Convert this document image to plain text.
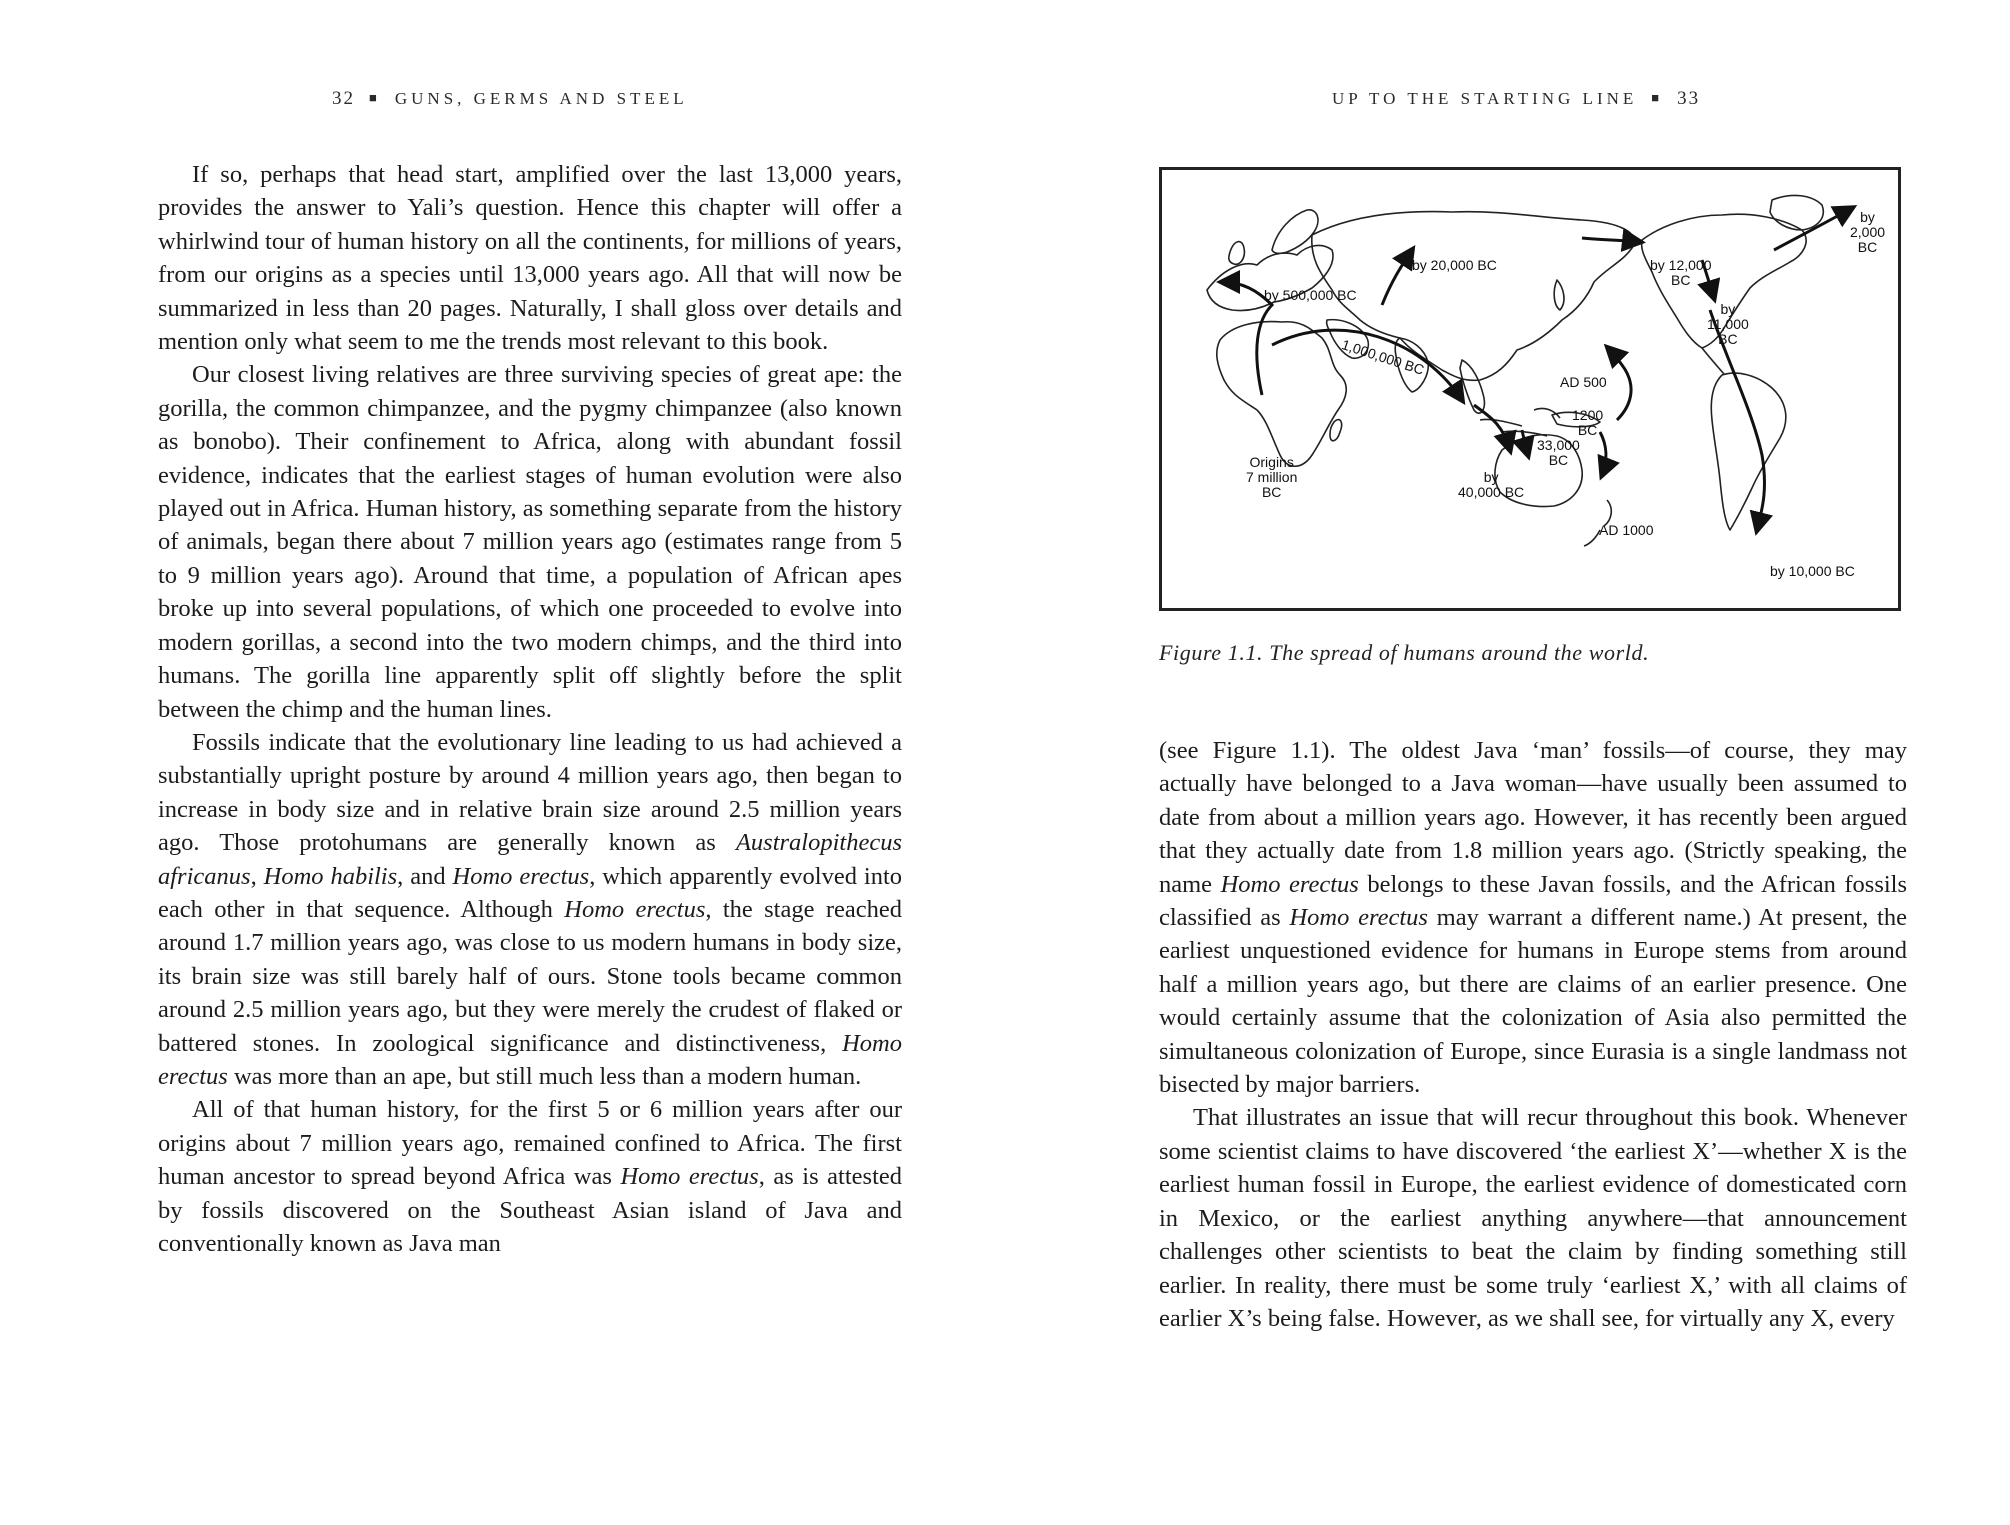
32 ■ GUNS, GERMS AND STEEL

If so, perhaps that head start, amplified over the last 13,000 years, provides the answer to Yali’s question. Hence this chapter will offer a whirlwind tour of human history on all the continents, for millions of years, from our origins as a species until 13,000 years ago. All that will now be summarized in less than 20 pages. Naturally, I shall gloss over details and mention only what seem to me the trends most relevant to this book.

Our closest living relatives are three surviving species of great ape: the gorilla, the common chimpanzee, and the pygmy chimpanzee (also known as bonobo). Their confinement to Africa, along with abundant fossil evidence, indicates that the earliest stages of human evolution were also played out in Africa. Human history, as something separate from the history of animals, began there about 7 million years ago (estimates range from 5 to 9 million years ago). Around that time, a population of African apes broke up into several populations, of which one proceeded to evolve into modern gorillas, a second into the two modern chimps, and the third into humans. The gorilla line apparently split off slightly before the split between the chimp and the human lines.

Fossils indicate that the evolutionary line leading to us had achieved a substantially upright posture by around 4 million years ago, then began to increase in body size and in relative brain size around 2.5 million years ago. Those protohumans are generally known as Australopithecus africanus, Homo habilis, and Homo erectus, which apparently evolved into each other in that sequence. Although Homo erectus, the stage reached around 1.7 million years ago, was close to us modern humans in body size, its brain size was still barely half of ours. Stone tools became common around 2.5 million years ago, but they were merely the crudest of flaked or battered stones. In zoological significance and distinctiveness, Homo erectus was more than an ape, but still much less than a modern human.

All of that human history, for the first 5 or 6 million years after our origins about 7 million years ago, remained confined to Africa. The first human ancestor to spread beyond Africa was Homo erectus, as is attested by fossils discovered on the Southeast Asian island of Java and conventionally known as Java man

UP TO THE STARTING LINE ■ 33
Origins
7 million
BC
by 500,000 BC
1,000,000 BC
by 20,000 BC	by 12,000
BC
by
2,000
BC
by
11,000
BC
AD 500
1200
BC
33,000
BC
by
40,000 BC
AD 1000
by 10,000 BC
Figure 1.1. The spread of humans around the world.

(see Figure 1.1). The oldest Java ‘man’ fossils—of course, they may actually have belonged to a Java woman—have usually been assumed to date from about a million years ago. However, it has recently been argued that they actually date from 1.8 million years ago. (Strictly speaking, the name Homo erectus belongs to these Javan fossils, and the African fossils classified as Homo erectus may warrant a different name.) At present, the earliest unquestioned evidence for humans in Europe stems from around half a million years ago, but there are claims of an earlier presence. One would certainly assume that the colonization of Asia also permitted the simultaneous colonization of Europe, since Eurasia is a single landmass not bisected by major barriers.

That illustrates an issue that will recur throughout this book. Whenever some scientist claims to have discovered ‘the earliest X’—whether X is the earliest human fossil in Europe, the earliest evidence of domesticated corn in Mexico, or the earliest anything anywhere—that announcement challenges other scientists to beat the claim by finding something still earlier. In reality, there must be some truly ‘earliest X,’ with all claims of earlier X’s being false. However, as we shall see, for virtually any X, every
